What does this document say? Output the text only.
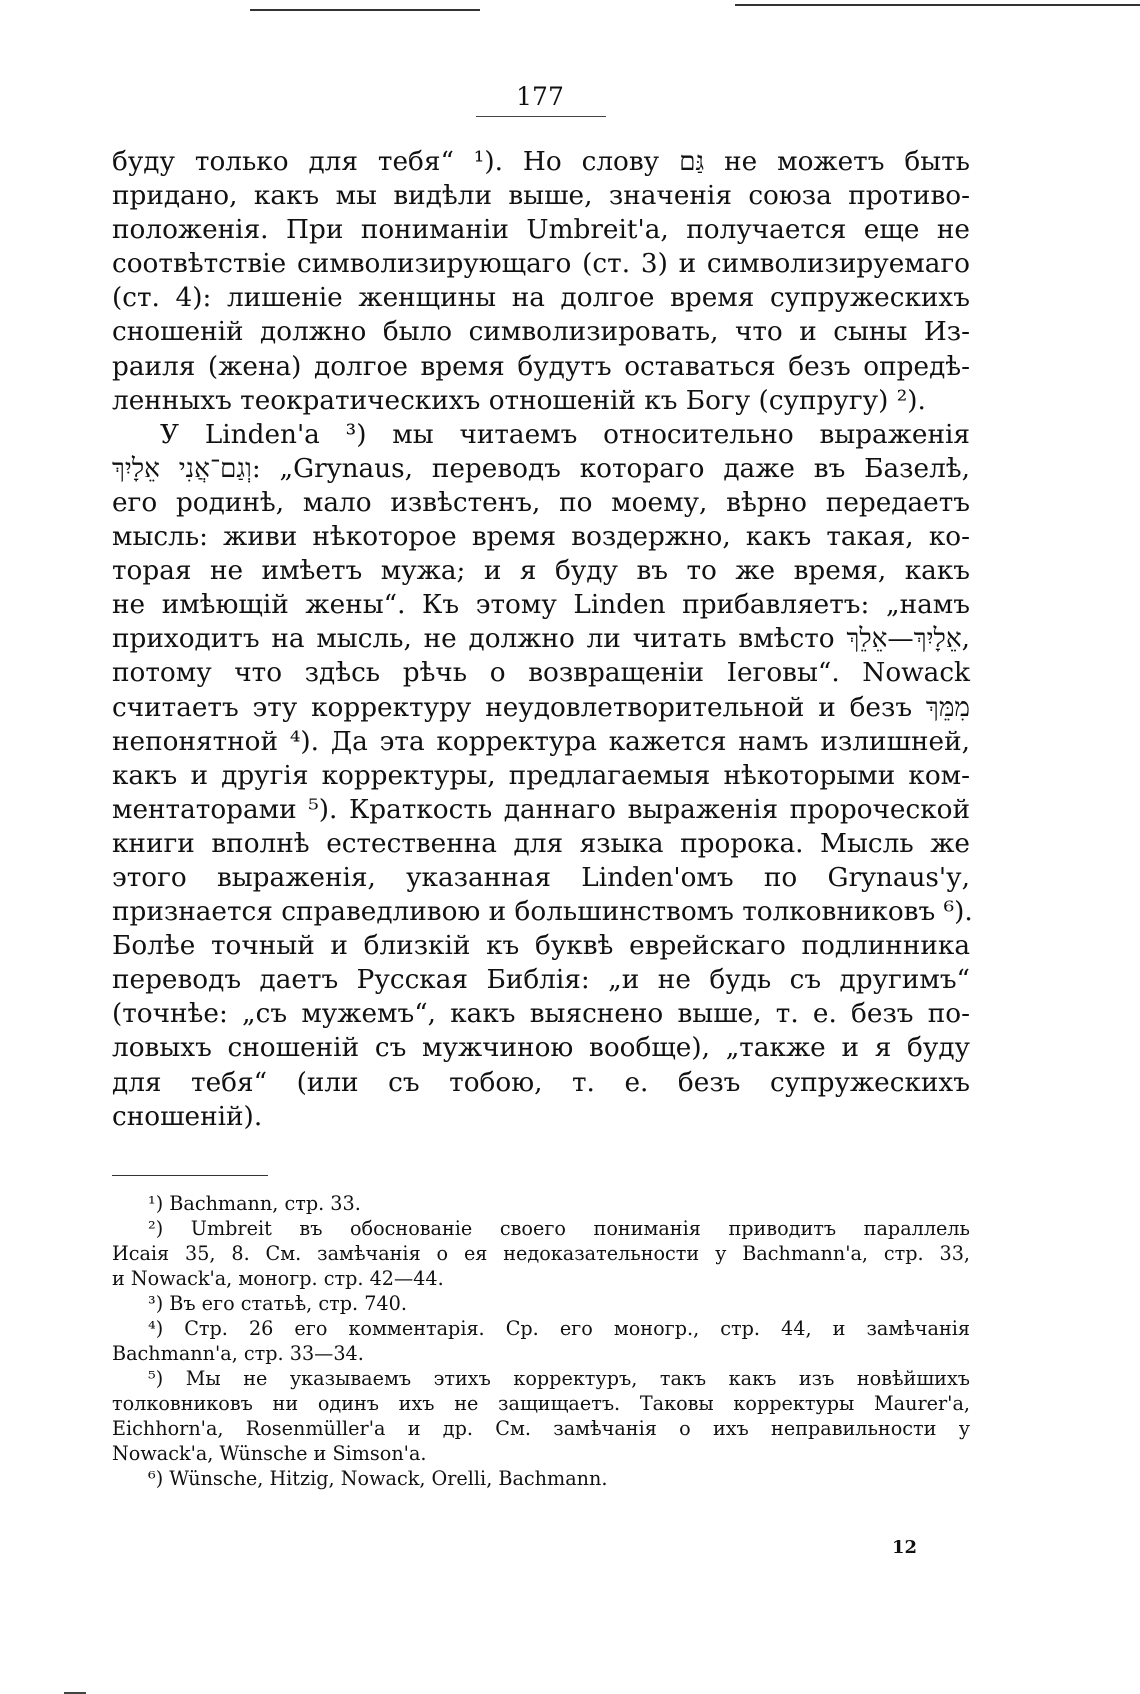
177
буду только для тебя“ ¹). Но слову גַּם не можетъ быть
придано, какъ мы видѣли выше, значенія союза противо-
положенія. При пониманіи Umbreit'a, получается еще не
соотвѣтствіе символизирующаго (ст. 3) и символизируемаго
(ст. 4): лишеніе женщины на долгое время супружескихъ
сношеній должно было символизировать, что и сыны Из-
раиля (жена) долгое время будутъ оставаться безъ опредѣ-
ленныхъ теократическихъ отношеній къ Богу (супругу) ²).
У Linden'a ³) мы читаемъ относительно выраженія
וְגַם־אֲנִי אֵלָיִךְ: „Grynaus, переводъ котораго даже въ Базелѣ,
его родинѣ, мало извѣстенъ, по моему, вѣрно передаетъ
мысль: живи нѣкоторое время воздержно, какъ такая, ко-
торая не имѣетъ мужа; и я буду въ то же время, какъ
не имѣющій жены“. Къ этому Linden прибавляетъ: „намъ
приходитъ на мысль, не должно ли читать вмѣсто אֵלָיִךְ—אֵלֵךְ,
потому что здѣсь рѣчь о возвращеніи Іеговы“. Nowack
считаетъ эту корректуру неудовлетворительной и безъ מִמֵּךְ
непонятной ⁴). Да эта корректура кажется намъ излишней,
какъ и другія корректуры, предлагаемыя нѣкоторыми ком-
ментаторами ⁵). Краткость даннаго выраженія пророческой
книги вполнѣ естественна для языка пророка. Мысль же
этого выраженія, указанная Linden'омъ по Grynaus'у,
признается справедливою и большинствомъ толковниковъ ⁶).
Болѣе точный и близкій къ буквѣ еврейскаго подлинника
переводъ даетъ Русская Библія: „и не будь съ другимъ“
(точнѣе: „съ мужемъ“, какъ выяснено выше, т. е. безъ по-
ловыхъ сношеній съ мужчиною вообще), „также и я буду
для тебя“ (или съ тобою, т. е. безъ супружескихъ
сношеній).
¹) Bachmann, стр. 33.
²) Umbreit въ обоснованіе своего пониманія приводитъ параллель
Исаія 35, 8. См. замѣчанія о ея недоказательности у Bachmann'a, стр. 33,
и Nowack'a, моногр. стр. 42—44.
³) Въ его статьѣ, стр. 740.
⁴) Стр. 26 его комментарія. Ср. его моногр., стр. 44, и замѣчанія
Bachmann'a, стр. 33—34.
⁵) Мы не указываемъ этихъ корректуръ, такъ какъ изъ новѣйшихъ
толковниковъ ни одинъ ихъ не защищаетъ. Таковы корректуры Maurer'a,
Eichhorn'a, Rosenmüller'a и др. См. замѣчанія о ихъ неправильности у
Nowack'a, Wünsche и Simson'a.
⁶) Wünsche, Hitzig, Nowack, Orelli, Bachmann.
12
